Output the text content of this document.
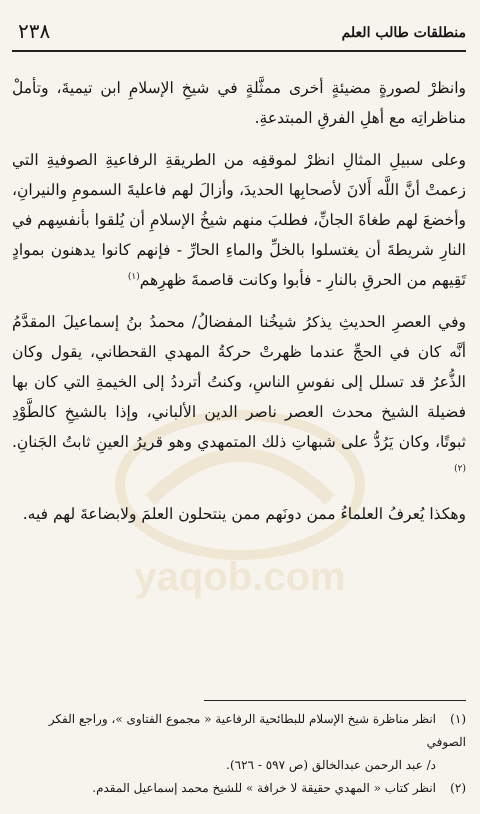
منطلقات طالب العلم
٢٣٨
yaqob.com

وانظرْ لصورةٍ مضيئةٍ أخرى ممثَّلةٍ في شيخِ الإسلامِ ابن تيميةَ، وتأملْ مناظراتِه مع أهلِ الفرقِ المبتدعةِ.

وعلى سبيلِ المثالِ انظرْ لموقفِه من الطريقةِ الرفاعيةِ الصوفيةِ التي زعمتْ أنَّ اللَّه أَلانَ لأصحابِها الحديدَ، وأزالَ لهم فاعليةَ السمومِ والنيرانِ، وأخضعَ لهم طغاةَ الجانِّ، فطلبَ منهم شيخُ الإسلامِ أن يُلقوا بأنفسِهم في النارِ شريطةَ أن يغتسلوا بالخلِّ والماءِ الحارِّ - فإنهم كانوا يدهنون بموادٍ تَقِيهم من الحرقِ بالنارِ - فأبوا وكانت قاصمةَ ظهرِهم$^{(١)}$

وفي العصرِ الحديثِ يذكرُ شيخُنا المفضالُ/ محمدُ بنُ إسماعيلَ المقدَّمُ أنَّه كان في الحجِّ عندما ظهرتْ حركةُ المهدي القحطاني، يقول وكان الذُّعرُ قد تسلل إلى نفوسِ الناسِ، وكنتُ أترددُ إلى الخيمةِ التي كان بها فضيلة الشيخ محدث العصر ناصر الدين الألباني، وإذا بالشيخِ كالطَّوْدِ ثبوتًا، وكان يَرُدُّ على شبهاتِ ذلك المتمهدي وهو قريرُ العينِ ثابتُ الجَنانِ.$^{(٢)}$

وهكذا يُعرفُ العلماءُ ممن دونَهم ممن ينتحلون العلمَ ولابضاعةَ لهم فيه.

(١)انظر مناظرة شيخ الإسلام للبطائحية الرفاعية « مجموع الفتاوى »، وراجع الفكر الصوفي

د/ عبد الرحمن عبدالخالق (ص ٥٩٧ - ٦٢٦).

(٢)انظر كتاب « المهدي حقيقة لا خرافة » للشيخ محمد إسماعيل المقدم.
